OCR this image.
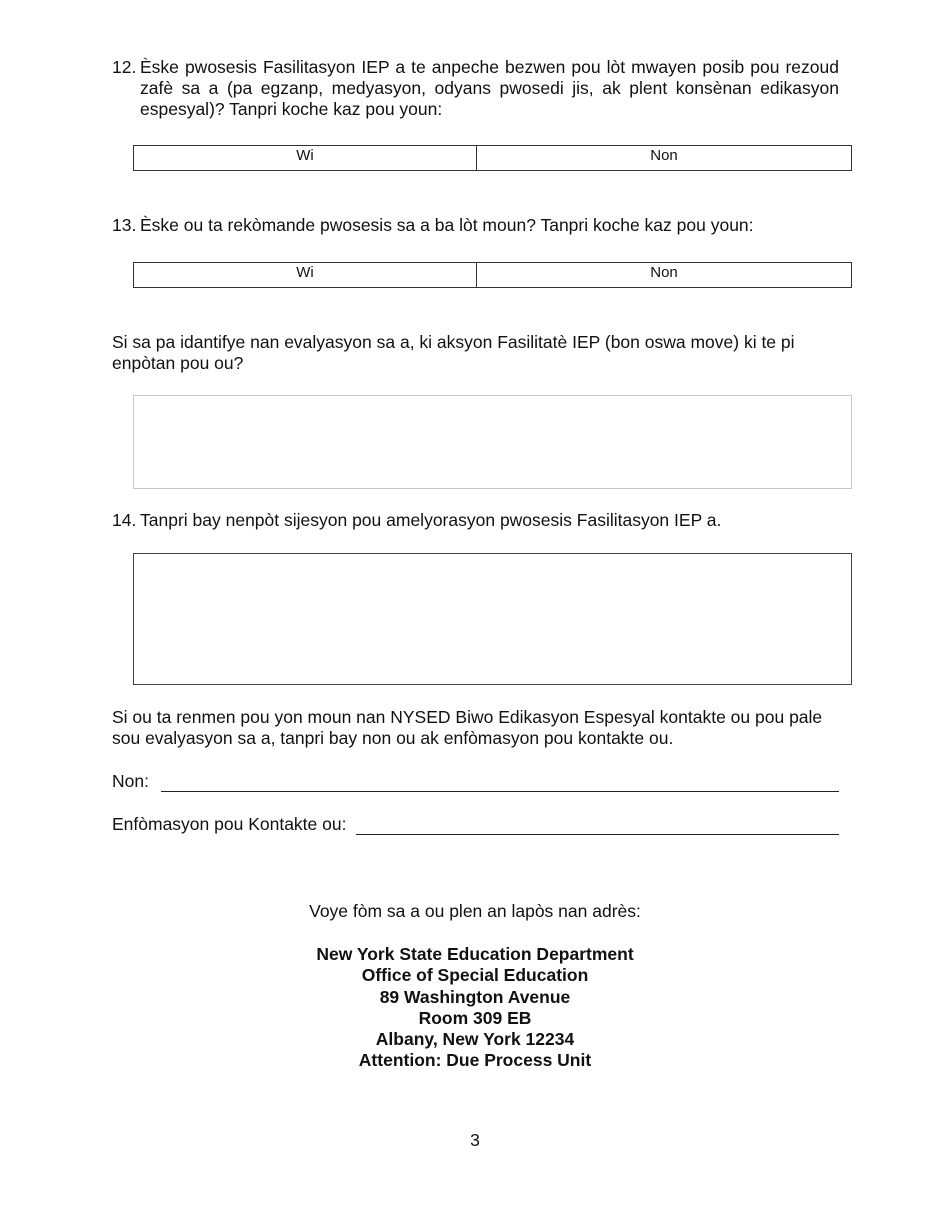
12. Èske pwosesis Fasilitasyon IEP a te anpeche bezwen pou lòt mwayen posib pou rezoud zafè sa a (pa egzanp, medyasyon, odyans pwosedi jis, ak plent konsènan edikasyon espesyal)? Tanpri koche kaz pou youn:
Wi	Non
13. Èske ou ta rekòmande pwosesis sa a ba lòt moun? Tanpri koche kaz pou youn:
Wi	Non
Si sa pa idantifye nan evalyasyon sa a, ki aksyon Fasilitatè IEP (bon oswa move) ki te pi enpòtan pou ou?
14. Tanpri bay nenpòt sijesyon pou amelyorasyon pwosesis Fasilitasyon IEP a.
Si ou ta renmen pou yon moun nan NYSED Biwo Edikasyon Espesyal kontakte ou pou pale sou evalyasyon sa a, tanpri bay non ou ak enfòmasyon pou kontakte ou.
Non:
Enfòmasyon pou Kontakte ou:
Voye fòm sa a ou plen an lapòs nan adrès:
New York State Education Department
Office of Special Education
89 Washington Avenue
Room 309 EB
Albany, New York 12234
Attention: Due Process Unit
3
